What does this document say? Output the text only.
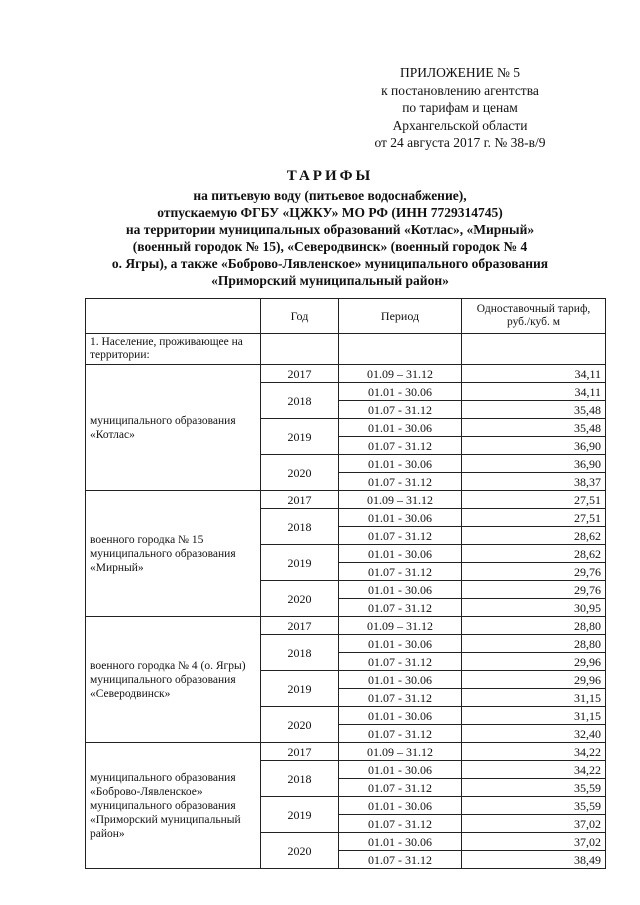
ПРИЛОЖЕНИЕ № 5
к постановлению агентства
по тарифам и ценам
Архангельской области
от 24 августа 2017 г. № 38-в/9
ТАРИФЫ
на питьевую воду (питьевое водоснабжение),
отпускаемую ФГБУ «ЦЖКУ» МО РФ (ИНН 7729314745)
на территории муниципальных образований «Котлас», «Мирный»
(военный городок № 15), «Северодвинск» (военный городок № 4
о. Ягры), а также «Боброво-Лявленское» муниципального образования
«Приморский муниципальный район»
	Год	Период	Одноставочный тариф, руб./куб. м
1. Население, проживающее на территории:			
муниципального образования «Котлас»	2017	01.09 – 31.12	34,11
	2018	01.01 - 30.06	34,11
		01.07 - 31.12	35,48
	2019	01.01 - 30.06	35,48
		01.07 - 31.12	36,90
	2020	01.01 - 30.06	36,90
		01.07 - 31.12	38,37
военного городка № 15 муниципального образования «Мирный»	2017	01.09 – 31.12	27,51
	2018	01.01 - 30.06	27,51
		01.07 - 31.12	28,62
	2019	01.01 - 30.06	28,62
		01.07 - 31.12	29,76
	2020	01.01 - 30.06	29,76
		01.07 - 31.12	30,95
военного городка № 4 (о. Ягры) муниципального образования «Северодвинск»	2017	01.09 – 31.12	28,80
	2018	01.01 - 30.06	28,80
		01.07 - 31.12	29,96
	2019	01.01 - 30.06	29,96
		01.07 - 31.12	31,15
	2020	01.01 - 30.06	31,15
		01.07 - 31.12	32,40
муниципального образования «Боброво-Лявленское» муниципального образования «Приморский муниципальный район»	2017	01.09 – 31.12	34,22
	2018	01.01 - 30.06	34,22
		01.07 - 31.12	35,59
	2019	01.01 - 30.06	35,59
		01.07 - 31.12	37,02
	2020	01.01 - 30.06	37,02
		01.07 - 31.12	38,49
